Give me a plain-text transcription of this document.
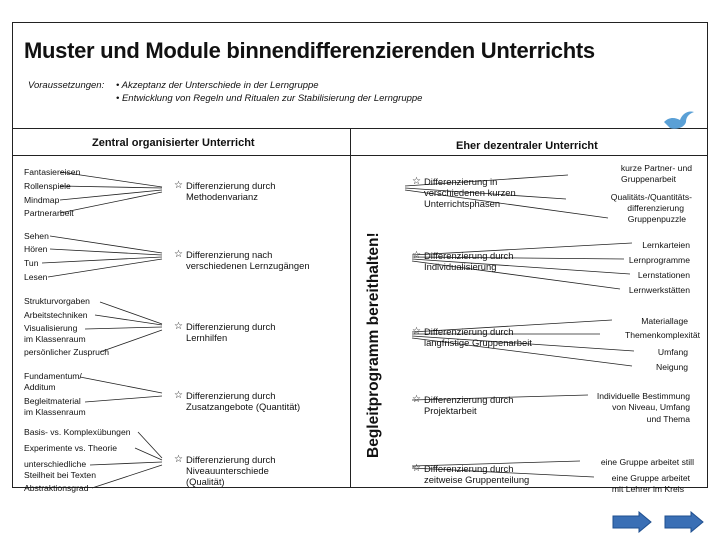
Muster und Module binnendifferenzierenden Unterrichts
Voraussetzungen: • Akzeptanz der Unterschiede in der Lerngruppe
• Entwicklung von Regeln und Ritualen zur Stabilisierung der Lerngruppe
Zentral organisierter Unterricht	Eher dezentraler Unterricht
Begleitprogramm bereithalten!
Fantasiereisen
Rollenspiele
Mindmap
Partnerarbeit
Sehen
Hören
Tun
Lesen
Strukturvorgaben
Arbeitstechniken
Visualisierung
im Klassenraum
persönlicher Zuspruch
Fundamentum/
Additum
Begleitmaterial
im Klassenraum
Basis- vs. Komplexübungen
Experimente vs. Theorie
unterschiedliche
Steilheit bei Texten
Abstraktionsgrad
☆ Differenzierung durch
Methodenvarianz
☆ Differenzierung nach
verschiedenen Lernzugängen
☆ Differenzierung durch
Lernhilfen
☆ Differenzierung durch
Zusatzangebote (Quantität)
☆ Differenzierung durch
Niveauunterschiede
(Qualität)
☆ Differenzierung in
verschiedenen kurzen
Unterrichtsphasen
☆ Differenzierung durch
Individualisierung
☆ Differenzierung durch
langfristige Gruppenarbeit
☆ Differenzierung durch
Projektarbeit
☆ Differenzierung durch
zeitweise Gruppenteilung
kurze Partner- und
Gruppenarbeit
Qualitäts-/Quantitäts-
differenzierung
Gruppenpuzzle
Lernkarteien
Lernprogramme
Lernstationen
Lernwerkstätten
Materiallage
Themenkomplexität
Umfang
Neigung
Individuelle Bestimmung
von Niveau, Umfang
und Thema
eine Gruppe arbeitet still
eine Gruppe arbeitet
mit Lehrer im Kreis
